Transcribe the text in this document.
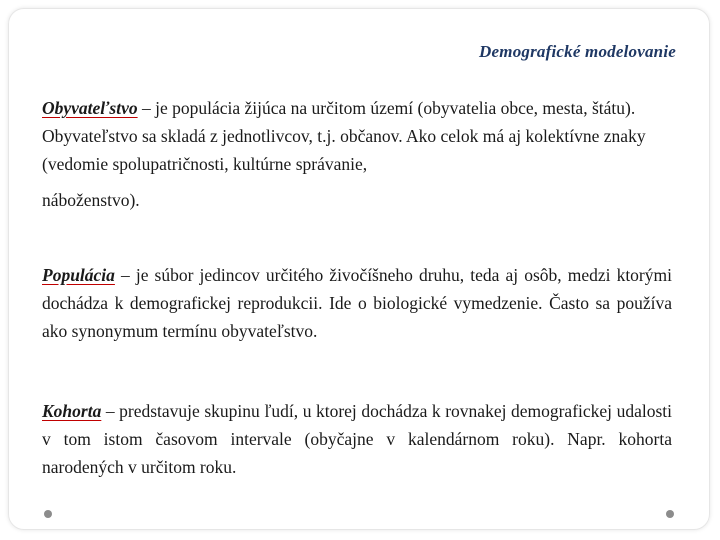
Demografické modelovanie

Obyvateľstvo – je populácia žijúca na určitom území (obyvatelia obce, mesta, štátu). Obyvateľstvo sa skladá z jednotlivcov, t.j. občanov. Ako celok má aj kolektívne znaky (vedomie spolupatričnosti, kultúrne správanie,
náboženstvo).

Populácia – je súbor jedincov určitého živočíšneho druhu, teda aj osôb, medzi ktorými dochádza k demografickej reprodukcii. Ide o biologické vymedzenie. Často sa používa ako synonymum termínu obyvateľstvo.

Kohorta – predstavuje skupinu ľudí, u ktorej dochádza k rovnakej demografickej udalosti v tom istom časovom intervale (obyčajne v kalendárnom roku). Napr. kohorta narodených v určitom roku.
